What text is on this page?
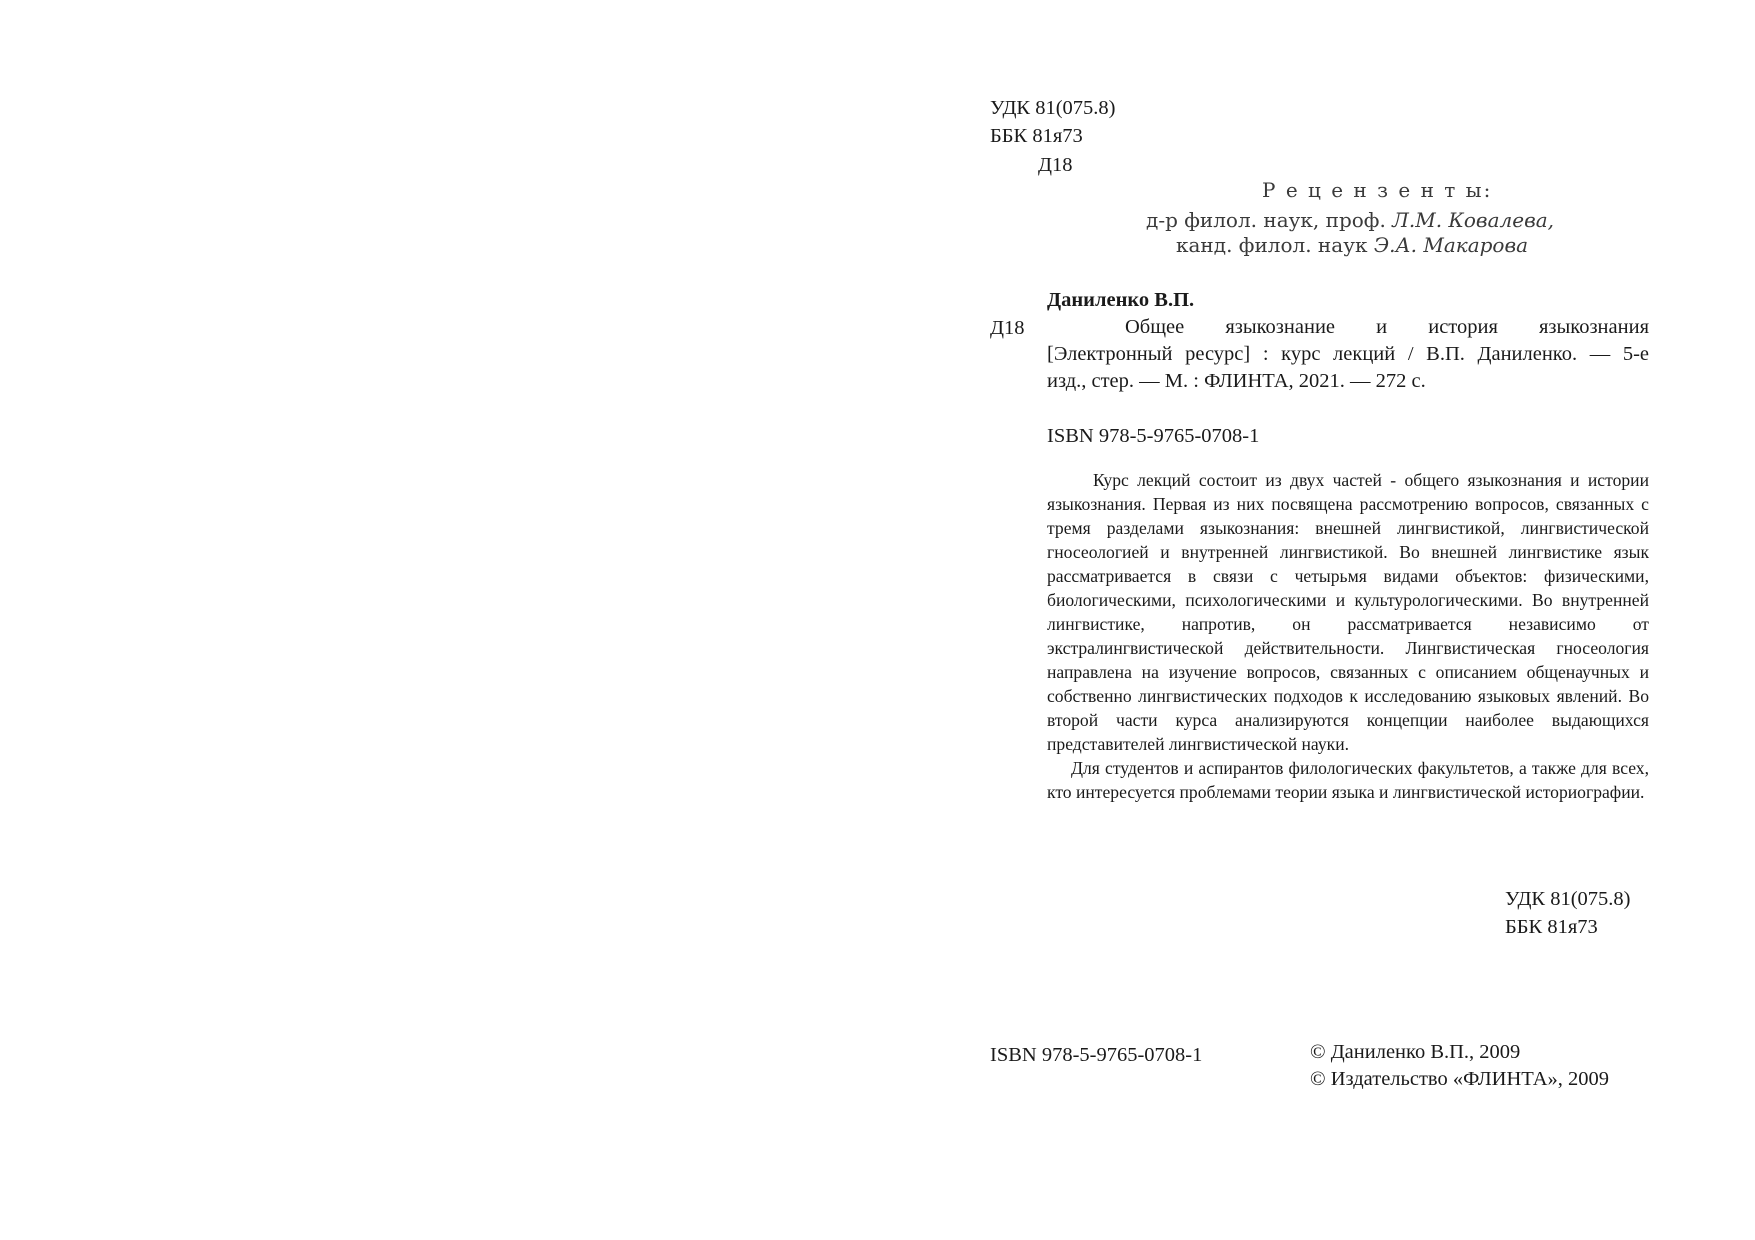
УДК 81(075.8)
ББК 81я73
Д18
Р е ц е н з е н т ы:
д-р филол. наук, проф. Л.М. Ковалева,
канд. филол. наук Э.А. Макарова
Даниленко В.П.
Д18	Общее языкознание и история языкознания
[Электронный ресурс] : курс лекций / В.П. Даниленко. — 5-е
изд., стер. — М. : ФЛИНТА, 2021. — 272 с.
ISBN 978-5-9765-0708-1

Курс лекций состоит из двух частей - общего языкознания и истории языкознания. Первая из них посвящена рассмотрению вопросов, связанных с тремя разделами языкознания: внешней лингвистикой, лингвистической гносеологией и внутренней лингвистикой. Во внешней лингвистике язык рассматривается в связи с четырьмя видами объектов: физическими, биологическими, психологическими и культурологическими. Во внутренней лингвистике, напротив, он рассматривается независимо от экстралингвистической действительности. Лингвистическая гносеология направлена на изучение вопросов, связанных с описанием общенаучных и собственно лингвистических подходов к исследованию языковых явлений. Во второй части курса анализируются концепции наиболее выдающихся представителей лингвистической науки.

Для студентов и аспирантов филологических факультетов, а также для всех, кто интересуется проблемами теории языка и лингвистической историографии.

УДК 81(075.8)
ББК 81я73
ISBN 978-5-9765-0708-1	© Даниленко В.П., 2009
© Издательство «ФЛИНТА», 2009
